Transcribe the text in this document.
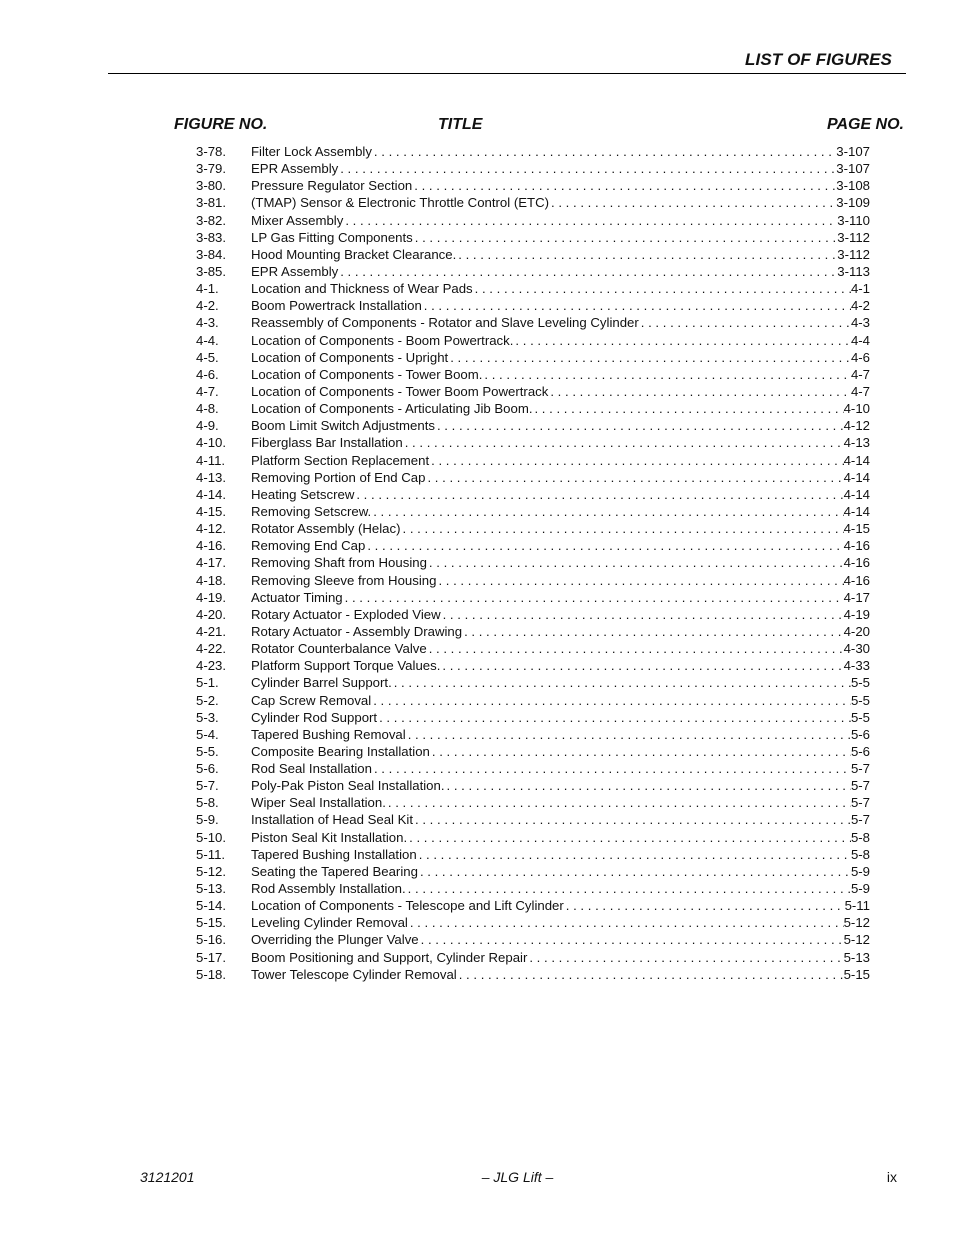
LIST OF FIGURES
FIGURE NO.	TITLE	PAGE NO.
3-78. Filter Lock Assembly . . .	3-107
3-79. EPR Assembly . . .	3-107
3-80. Pressure Regulator Section . . .	3-108
3-81. (TMAP) Sensor & Electronic Throttle Control (ETC) . . .	3-109
3-82. Mixer Assembly . . .	3-110
3-83. LP Gas Fitting Components . . .	3-112
3-84. Hood Mounting Bracket Clearance. . . .	3-112
3-85. EPR Assembly . . .	3-113
4-1. Location and Thickness of Wear Pads . . .	4-1
4-2. Boom Powertrack Installation . . .	4-2
4-3. Reassembly of Components - Rotator and Slave Leveling Cylinder . . .	4-3
4-4. Location of Components - Boom Powertrack. . . .	4-4
4-5. Location of Components - Upright . . .	4-6
4-6. Location of Components - Tower Boom. . . .	4-7
4-7. Location of Components - Tower Boom Powertrack . . .	4-7
4-8. Location of Components - Articulating Jib Boom. . . .	4-10
4-9. Boom Limit Switch Adjustments . . .	4-12
4-10. Fiberglass Bar Installation . . .	4-13
4-11. Platform Section Replacement . . .	4-14
4-13. Removing Portion of End Cap . . .	4-14
4-14. Heating Setscrew . . .	4-14
4-15. Removing Setscrew. . . .	4-14
4-12. Rotator Assembly (Helac) . . .	4-15
4-16. Removing End Cap . . .	4-16
4-17. Removing Shaft from Housing . . .	4-16
4-18. Removing Sleeve from Housing . . .	4-16
4-19. Actuator Timing . . .	4-17
4-20. Rotary Actuator - Exploded View . . .	4-19
4-21. Rotary Actuator - Assembly Drawing . . .	4-20
4-22. Rotator Counterbalance Valve . . .	4-30
4-23. Platform Support Torque Values. . . .	4-33
5-1. Cylinder Barrel Support. . . .	5-5
5-2. Cap Screw Removal . . .	5-5
5-3. Cylinder Rod Support . . .	5-5
5-4. Tapered Bushing Removal . . .	5-6
5-5. Composite Bearing Installation . . .	5-6
5-6. Rod Seal Installation . . .	5-7
5-7. Poly-Pak Piston Seal Installation. . . .	5-7
5-8. Wiper Seal Installation. . . .	5-7
5-9. Installation of Head Seal Kit . . .	5-7
5-10. Piston Seal Kit Installation. . . .	5-8
5-11. Tapered Bushing Installation . . .	5-8
5-12. Seating the Tapered Bearing . . .	5-9
5-13. Rod Assembly Installation. . . .	5-9
5-14. Location of Components - Telescope and Lift Cylinder . . .	5-11
5-15. Leveling Cylinder Removal . . .	5-12
5-16. Overriding the Plunger Valve . . .	5-12
5-17. Boom Positioning and Support, Cylinder Repair . . .	5-13
5-18. Tower Telescope Cylinder Removal . . .	5-15
3121201	– JLG Lift –	ix
